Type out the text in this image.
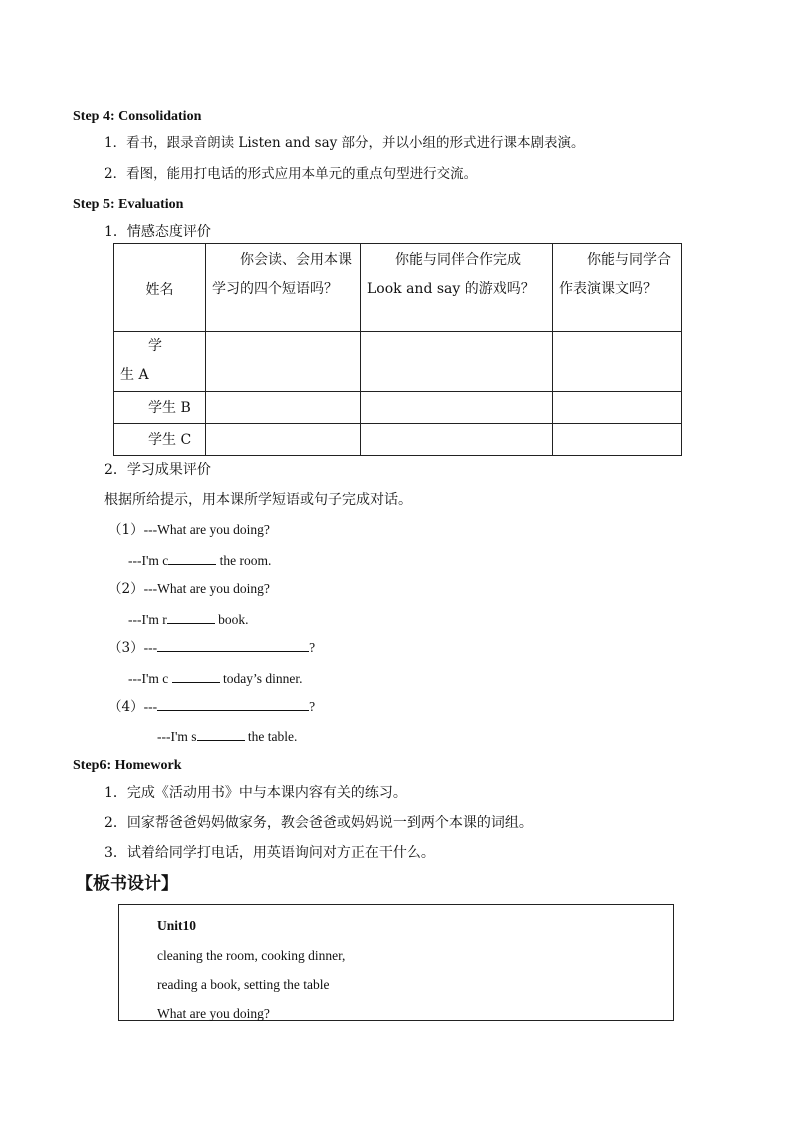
Step 4: Consolidation
1．看书，跟录音朗读 Listen and say 部分，并以小组的形式进行课本剧表演。
2．看图，能用打电话的形式应用本单元的重点句型进行交流。
Step 5: Evaluation
1．情感态度评价
姓名	你会读、会用本课学习的四个短语吗？	你能与同伴合作完成 Look and say 的游戏吗？	你能与同学合作表演课文吗？

学 生 A			

学生 B			

学生 C			

2．学习成果评价
根据所给提示，用本课所学短语或句子完成对话。
（1）---What are you doing?
---I'm c	the room.
（2）---What are you doing?
---I'm r	book.
（3）---	?
---I'm c	today’s dinner.
（4）---	?
---I'm s	the table.
Step6: Homework
1．完成《活动用书》中与本课内容有关的练习。
2．回家帮爸爸妈妈做家务，教会爸爸或妈妈说一到两个本课的词组。
3．试着给同学打电话，用英语询问对方正在干什么。
【板书设计】
Unit10
cleaning the room, cooking dinner,
reading a book, setting the table
What are you doing?
